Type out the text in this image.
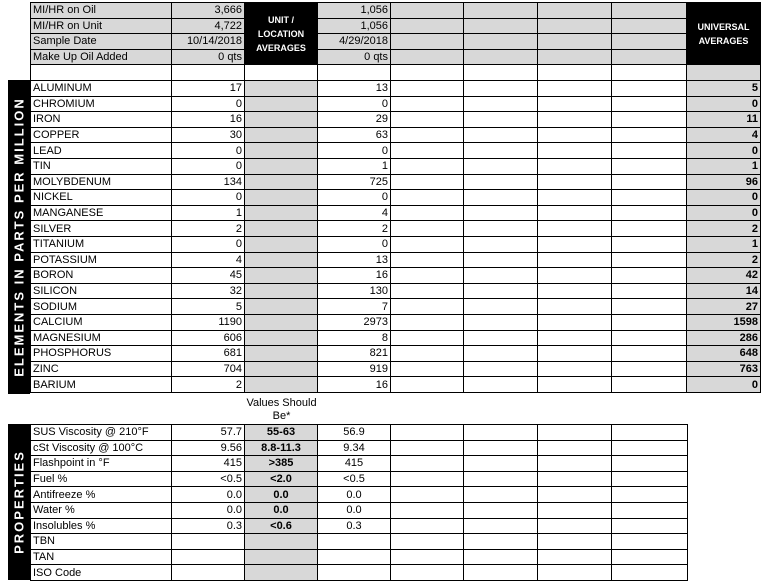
ELEMENTS IN PARTS PER MILLION
PROPERTIES
MI/HR on Oil	3,666	UNIT / LOCATION AVERAGES	1,056					UNIVERSAL AVERAGES
MI/HR on Unit	4,722		1,056					
Sample Date	10/14/2018		4/29/2018					
Make Up Oil Added	0 qts		0 qts					

ALUMINUM	17		13					5
CHROMIUM	0		0					0
IRON	16		29					11
COPPER	30		63					4
LEAD	0		0					0
TIN	0		1					1
MOLYBDENUM	134		725					96
NICKEL	0		0					0
MANGANESE	1		4					0
SILVER	2		2					2
TITANIUM	0		0					1
POTASSIUM	4		13					2
BORON	45		16					42
SILICON	32		130					14
SODIUM	5		7					27
CALCIUM	1190		2973					1598
MAGNESIUM	606		8					286
PHOSPHORUS	681		821					648
ZINC	704		919					763
BARIUM	2		16					0
Values Should Be*
SUS Viscosity @ 210°F	57.7	55-63	56.9				
cSt Viscosity @ 100°C	9.56	8.8-11.3	9.34				
Flashpoint in °F	415	>385	415				
Fuel %	<0.5	<2.0	<0.5				
Antifreeze %	0.0	0.0	0.0				
Water %	0.0	0.0	0.0				
Insolubles %	0.3	<0.6	0.3				
TBN							
TAN							
ISO Code							
